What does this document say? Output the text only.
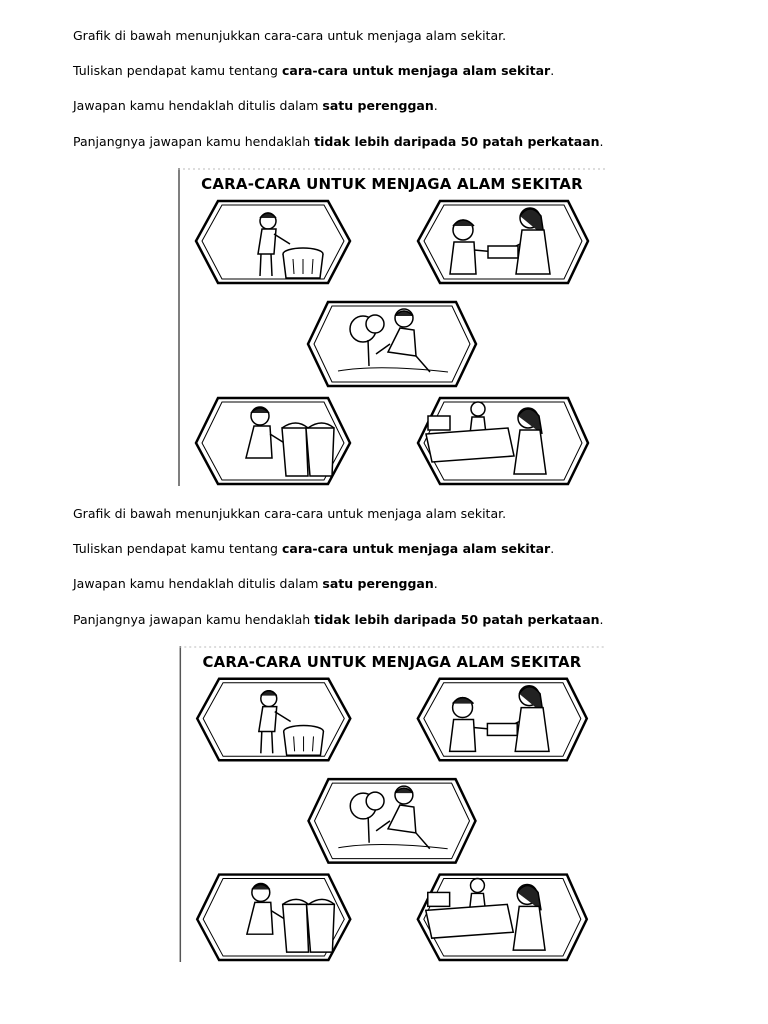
Grafik di bawah menunjukkan cara-cara untuk menjaga alam sekitar.

Tuliskan pendapat kamu tentang cara-cara untuk menjaga alam sekitar.

Jawapan kamu hendaklah ditulis dalam satu perenggan.

Panjangnya jawapan kamu hendaklah tidak lebih daripada 50 patah perkataan.

CARA-CARA UNTUK MENJAGA ALAM SEKITAR

Grafik di bawah menunjukkan cara-cara untuk menjaga alam sekitar.

Tuliskan pendapat kamu tentang cara-cara untuk menjaga alam sekitar.

Jawapan kamu hendaklah ditulis dalam satu perenggan.

Panjangnya jawapan kamu hendaklah tidak lebih daripada 50 patah perkataan.

CARA-CARA UNTUK MENJAGA ALAM SEKITAR
